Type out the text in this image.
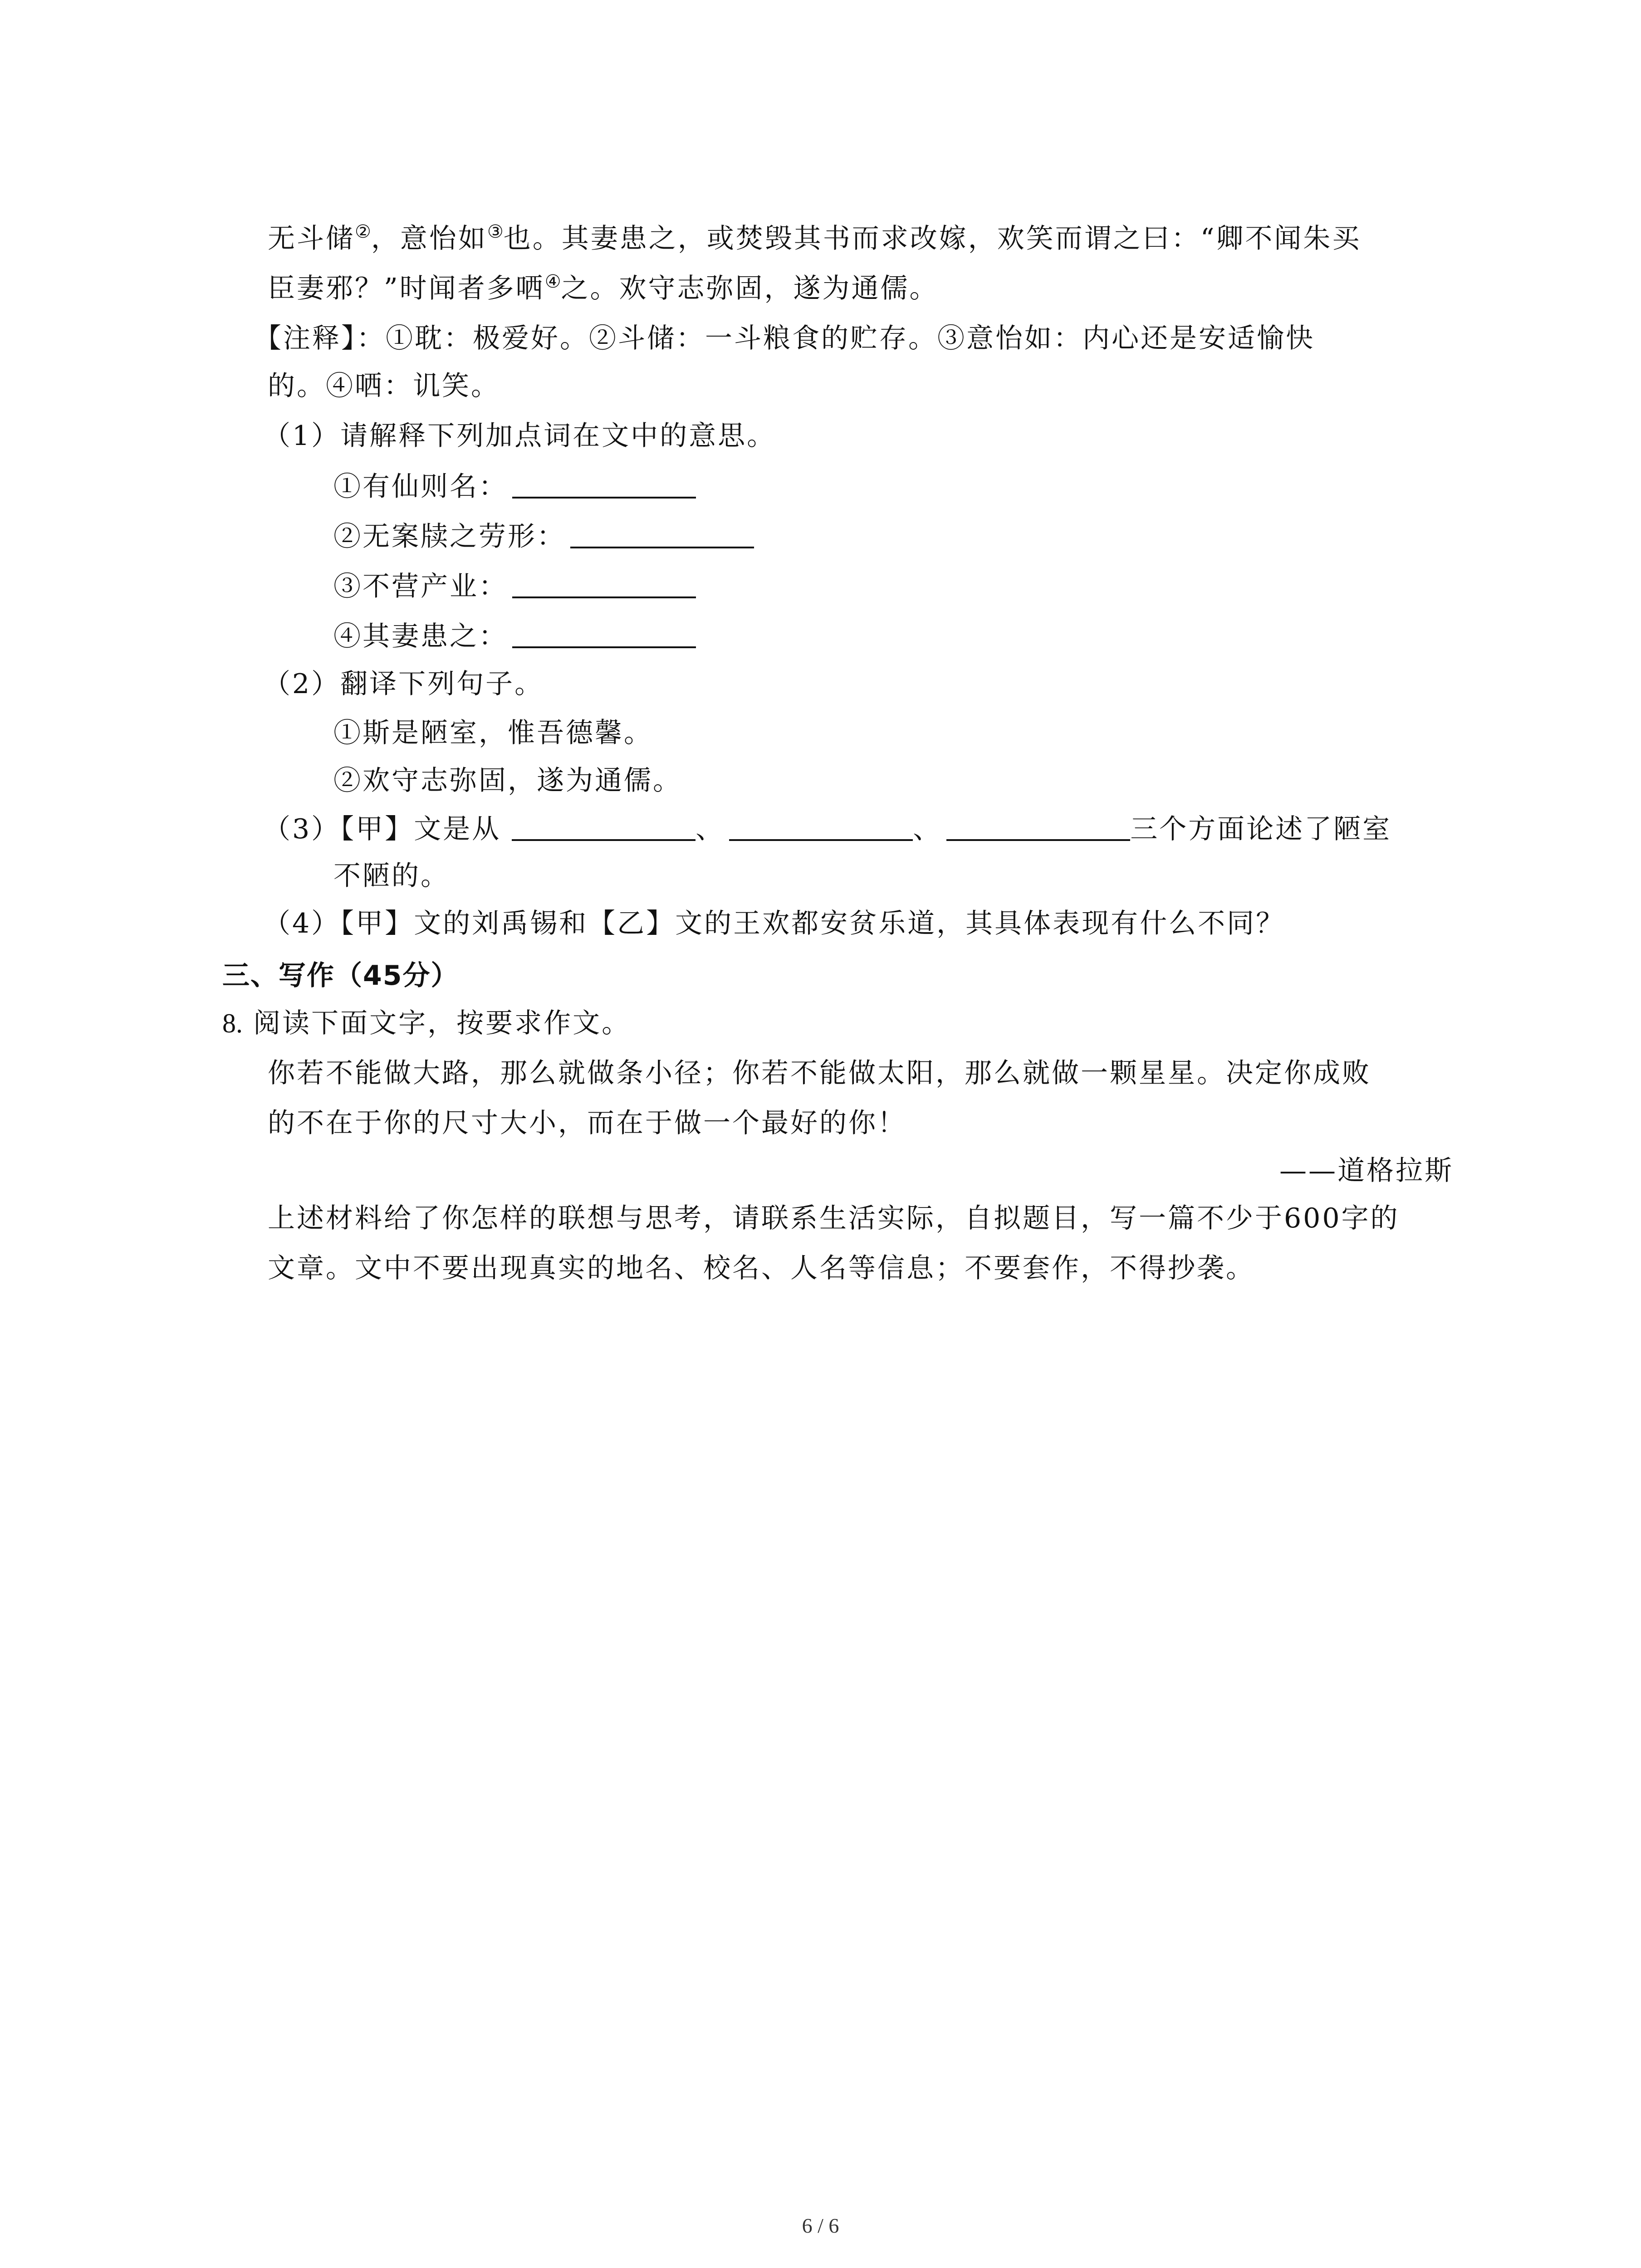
无斗储②，意怡如③也。其妻患之，或焚毁其书而求改嫁，欢笑而谓之曰：“卿不闻朱买
臣妻邪？”时闻者多哂④之。欢守志弥固，遂为通儒。
【注释】：①耽：极爱好。②斗储：一斗粮食的贮存。③意怡如：内心还是安适愉快
的。④哂：讥笑。
（1）请解释下列加点词在文中的意思。
①有仙则名：
②无案牍之劳形：
③不营产业：
④其妻患之：
（2）翻译下列句子。
①斯是陋室，惟吾德馨。
②欢守志弥固，遂为通儒。
（3）【甲】文是从	、	、	三个方面论述了陋室
不陋的。
（4）【甲】文的刘禹锡和【乙】文的王欢都安贫乐道，其具体表现有什么不同？
三、写作（45分）
8. 阅读下面文字，按要求作文。
你若不能做大路，那么就做条小径；你若不能做太阳，那么就做一颗星星。决定你成败
的不在于你的尺寸大小，而在于做一个最好的你！
——道格拉斯
上述材料给了你怎样的联想与思考，请联系生活实际，自拟题目，写一篇不少于600字的
文章。文中不要出现真实的地名、校名、人名等信息；不要套作，不得抄袭。
6 / 6
